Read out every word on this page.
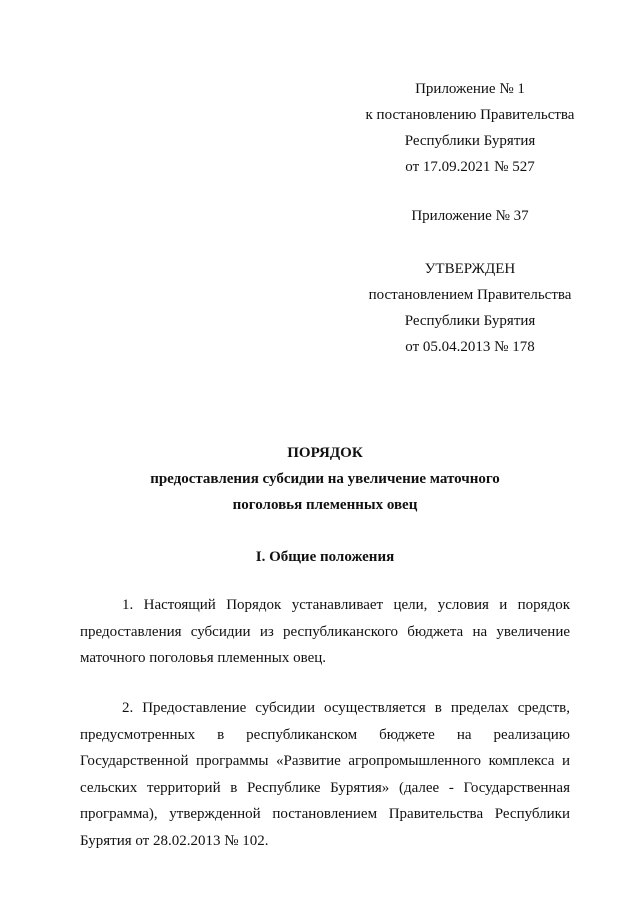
Приложение № 1
к постановлению Правительства
Республики Бурятия
от 17.09.2021 № 527
Приложение № 37
УТВЕРЖДЕН
постановлением Правительства
Республики Бурятия
от 05.04.2013 № 178
ПОРЯДОК
предоставления субсидии на увеличение маточного
поголовья племенных овец
I. Общие положения

1. Настоящий Порядок устанавливает цели, условия и порядок предоставления субсидии из республиканского бюджета на увеличение маточного поголовья племенных овец.

2. Предоставление субсидии осуществляется в пределах средств, предусмотренных в республиканском бюджете на реализацию Государственной программы «Развитие агропромышленного комплекса и сельских территорий в Республике Бурятия» (далее - Государственная программа), утвержденной постановлением Правительства Республики Бурятия от 28.02.2013 № 102.
